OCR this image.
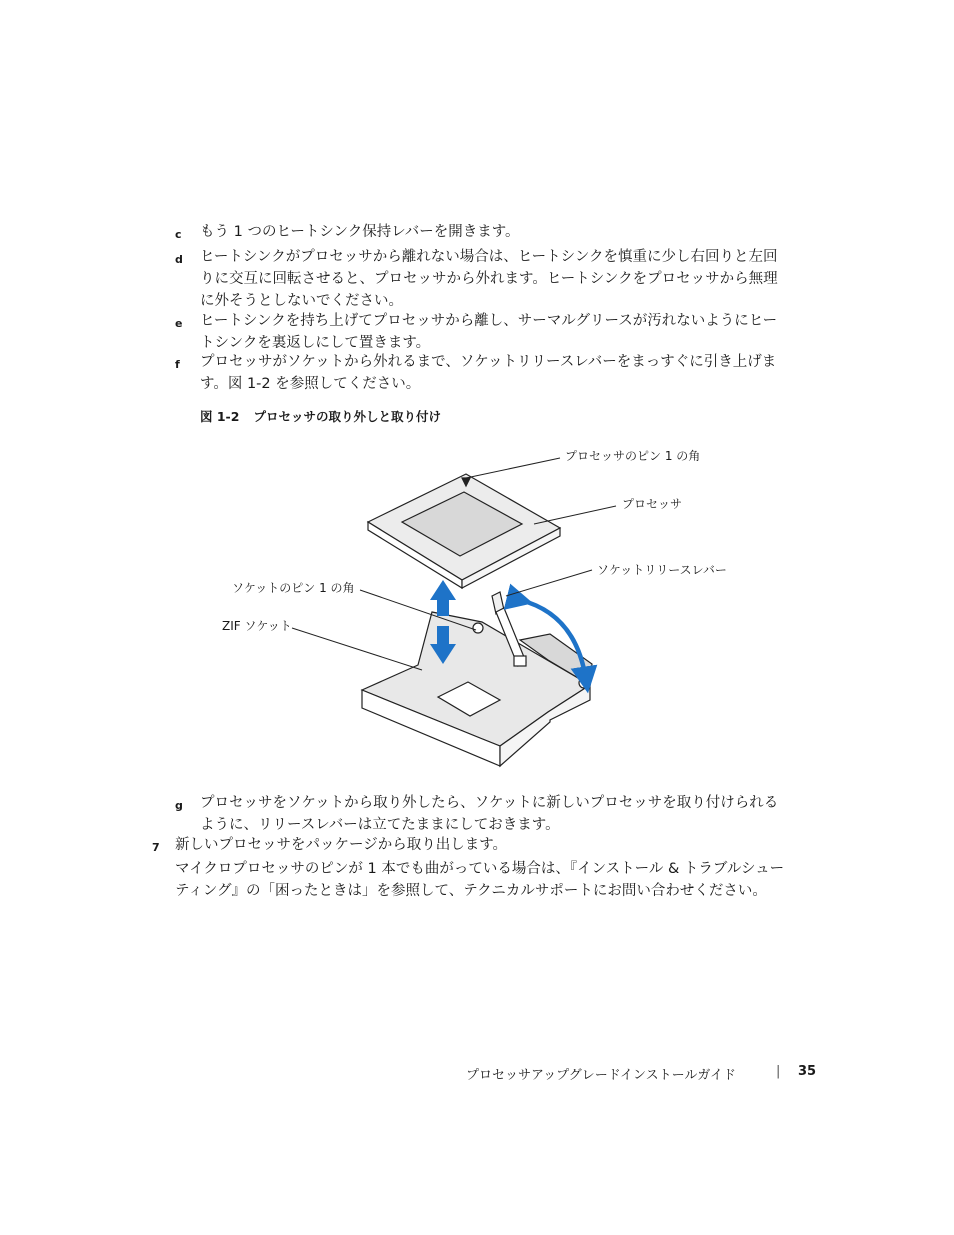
c もう 1 つのヒートシンク保持レバーを開きます。
d ヒートシンクがプロセッサから離れない場合は、ヒートシンクを慎重に少し右回りと左回
りに交互に回転させると、プロセッサから外れます。ヒートシンクをプロセッサから無理
に外そうとしないでください。
e ヒートシンクを持ち上げてプロセッサから離し、サーマルグリースが汚れないようにヒー
トシンクを裏返しにして置きます。
f プロセッサがソケットから外れるまで、ソケットリリースレバーをまっすぐに引き上げま
す。図 1-2 を参照してください。
図 1-2 プロセッサの取り外しと取り付け
プロセッサのピン 1 の角
プロセッサ
ソケットリリースレバー
ソケットのピン 1 の角
ZIF ソケット
g プロセッサをソケットから取り外したら、ソケットに新しいプロセッサを取り付けられる
ように、リリースレバーは立てたままにしておきます。
7 新しいプロセッサをパッケージから取り出します。
マイクロプロセッサのピンが 1 本でも曲がっている場合は、『インストール & トラブルシュー
ティング』の「困ったときは」を参照して、テクニカルサポートにお問い合わせください。
プロセッサアップグレードインストールガイド	| 35
